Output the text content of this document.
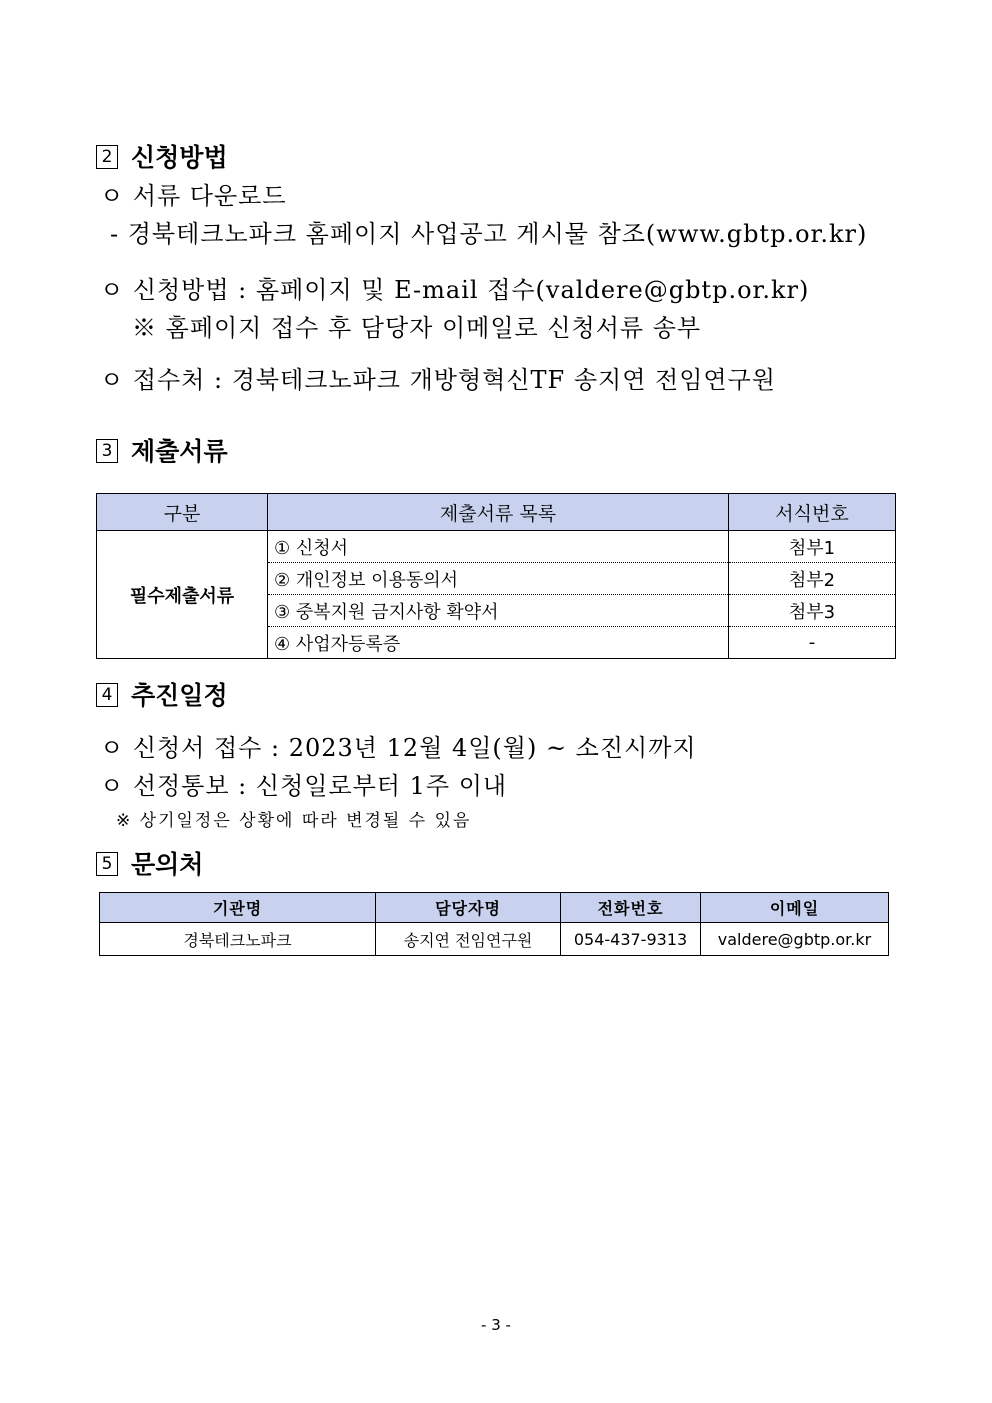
2 신청방법
ㅇ 서류 다운로드
- 경북테크노파크 홈페이지 사업공고 게시물 참조(www.gbtp.or.kr)
ㅇ 신청방법 : 홈페이지 및 E-mail 접수(valdere@gbtp.or.kr)
※ 홈페이지 접수 후 담당자 이메일로 신청서류 송부
ㅇ 접수처 : 경북테크노파크 개방형혁신TF 송지연 전임연구원
3 제출서류
구분	제출서류 목록	서식번호
필수제출서류	① 신청서	첨부1
	② 개인정보 이용동의서	첨부2
	③ 중복지원 금지사항 확약서	첨부3
	④ 사업자등록증	-
4 추진일정
ㅇ 신청서 접수 : 2023년 12월 4일(월) ~ 소진시까지
ㅇ 선정통보 : 신청일로부터 1주 이내
※ 상기일정은 상황에 따라 변경될 수 있음
5 문의처
기관명	담당자명	전화번호	이메일
경북테크노파크	송지연 전임연구원	054-437-9313	valdere@gbtp.or.kr
- 3 -
